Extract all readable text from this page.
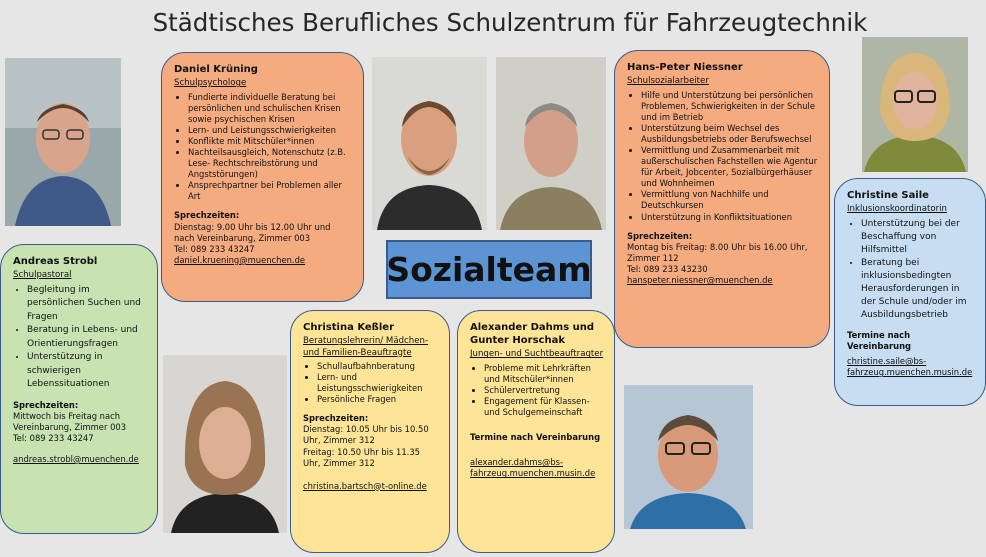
Städtisches Berufliches Schulzentrum für Fahrzeugtechnik
Daniel Krüning
Schulpsychologe
• Fundierte individuelle Beratung bei persönlichen und schulischen Krisen sowie psychischen Krisen
• Lern- und Leistungsschwierigkeiten
• Konflikte mit Mitschüler*innen
• Nachteilsausgleich, Notenschutz (z.B. Lese- Rechtschreibstörung und Angststörungen)
• Ansprechpartner bei Problemen aller Art
Sprechzeiten:
Dienstag: 9.00 Uhr bis 12.00 Uhr und nach Vereinbarung, Zimmer 003
Tel: 089 233 43247
daniel.kruening@muenchen.de
Andreas Strobl
Schulpastoral
• Begleitung im persönlichen Suchen und Fragen
• Beratung in Lebens- und Orientierungsfragen
• Unterstützung in schwierigen Lebenssituationen
Sprechzeiten:
Mittwoch bis Freitag nach Vereinbarung, Zimmer 003
Tel: 089 233 43247
andreas.strobl@muenchen.de
Sozialteam
Christina Keßler
Beratungslehrerin/ Mädchen- und Familien-Beauftragte
• Schullaufbahnberatung
• Lern- und Leistungsschwierigkeiten
• Persönliche Fragen
Sprechzeiten:
Dienstag: 10.05 Uhr bis 10.50 Uhr, Zimmer 312
Freitag: 10.50 Uhr bis 11.35 Uhr, Zimmer 312
christina.bartsch@t-online.de
Alexander Dahms und Gunter Horschak
Jungen- und Suchtbeauftragter
• Probleme mit Lehrkräften und Mitschüler*innen
• Schülervertretung
• Engagement für Klassen- und Schulgemeinschaft
Termine nach Vereinbarung
alexander.dahms@bs-fahrzeug.muenchen.musin.de
Hans-Peter Niessner
Schulsozialarbeiter
• Hilfe und Unterstützung bei persönlichen Problemen, Schwierigkeiten in der Schule und im Betrieb
• Unterstützung beim Wechsel des Ausbildungsbetriebs oder Berufswechsel
• Vermittlung und Zusammenarbeit mit außerschulischen Fachstellen wie Agentur für Arbeit, Jobcenter, Sozialbürgerhäuser und Wohnheimen
• Vermittlung von Nachhilfe und Deutschkursen
• Unterstützung in Konfliktsituationen
Sprechzeiten:
Montag bis Freitag: 8.00 Uhr bis 16.00 Uhr, Zimmer 112
Tel: 089 233 43230
hanspeter.niessner@muenchen.de
Christine Saile
Inklusionskoordinatorin
• Unterstützung bei der Beschaffung von Hilfsmittel
• Beratung bei inklusionsbedingten Herausforderungen in der Schule und/oder im Ausbildungsbetrieb
Termine nach Vereinbarung
christine.saile@bs-fahrzeug.muenchen.musin.de
